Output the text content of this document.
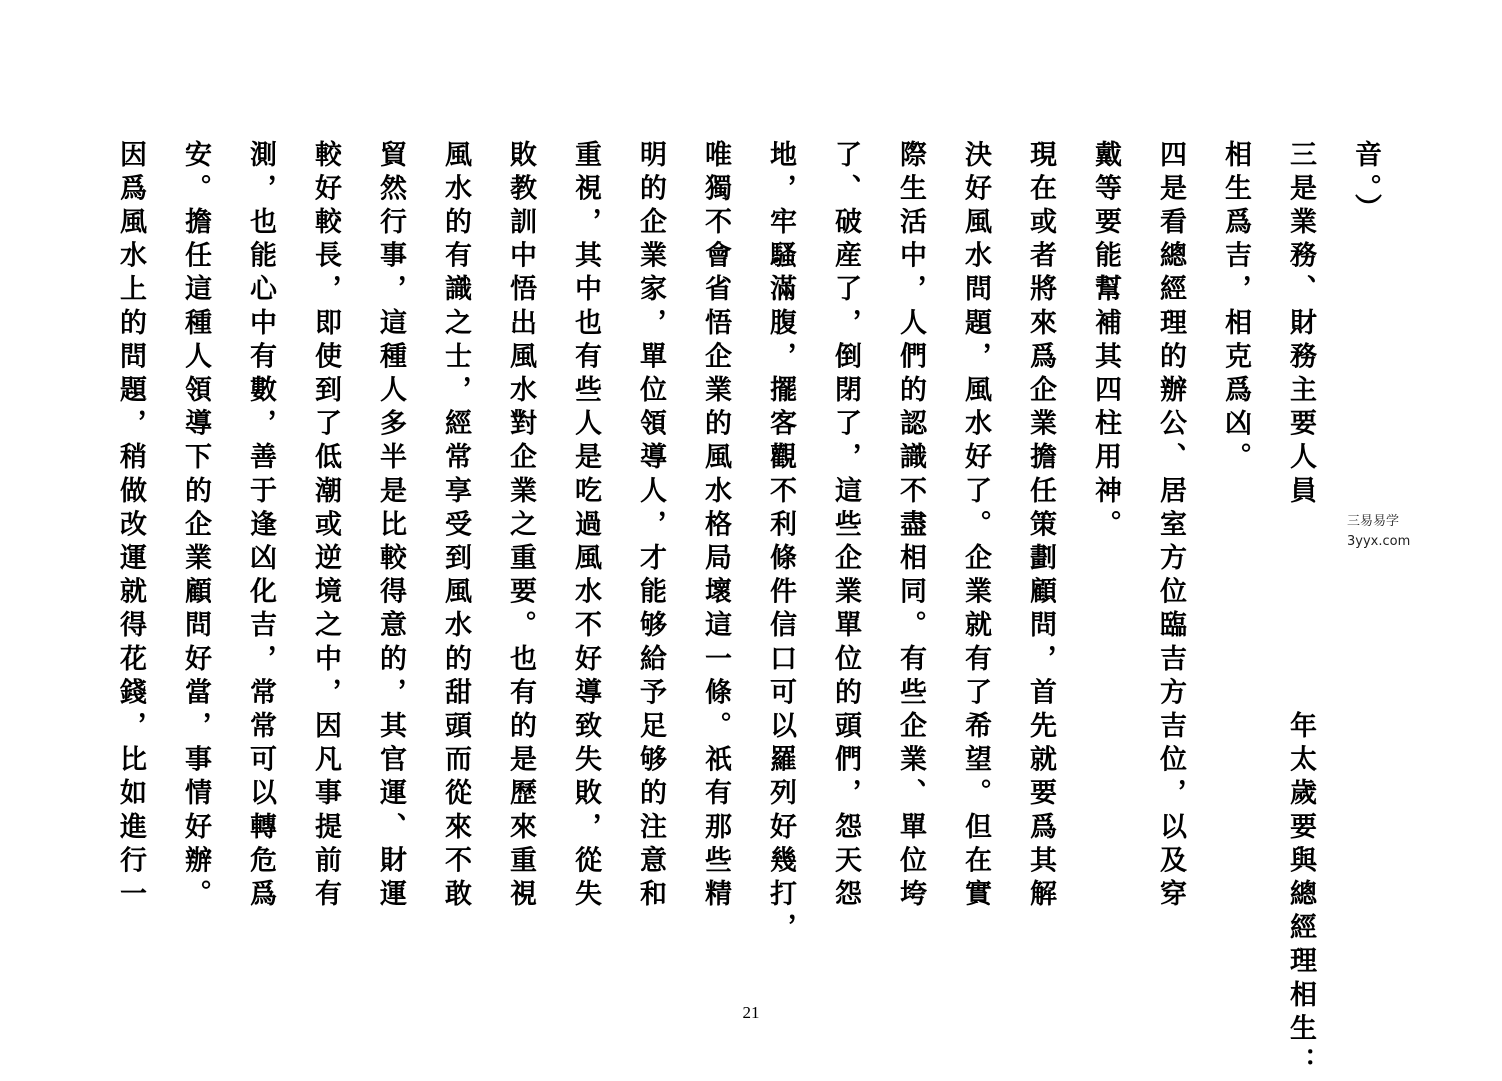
音。）
三是業務、財務主要人員　　　　　　年太歲要與總經理相生：
相生爲吉，相克爲凶。
四是看總經理的辦公、居室方位臨吉方吉位，以及穿
戴等要能幫補其四柱用神。
現在或者將來爲企業擔任策劃顧問，首先就要爲其解
決好風水問題，風水好了。企業就有了希望。但在實
際生活中，人們的認識不盡相同。有些企業、單位垮
了、破産了，倒閉了，這些企業單位的頭們，怨天怨
地，牢騷滿腹，擺客觀不利條件信口可以羅列好幾打，
唯獨不會省悟企業的風水格局壞這一條。祇有那些精
明的企業家，單位領導人，才能够給予足够的注意和
重視，其中也有些人是吃過風水不好導致失敗，從失
敗教訓中悟出風水對企業之重要。也有的是歷來重視
風水的有識之士，經常享受到風水的甜頭而從來不敢
貿然行事，這種人多半是比較得意的，其官運、財運
較好較長，即使到了低潮或逆境之中，因凡事提前有
測，也能心中有數，善于逢凶化吉，常常可以轉危爲
安。擔任這種人領導下的企業顧問好當，事情好辦。
因爲風水上的問題，稍做改運就得花錢，比如進行一	三易易学
3yyx.com
21
